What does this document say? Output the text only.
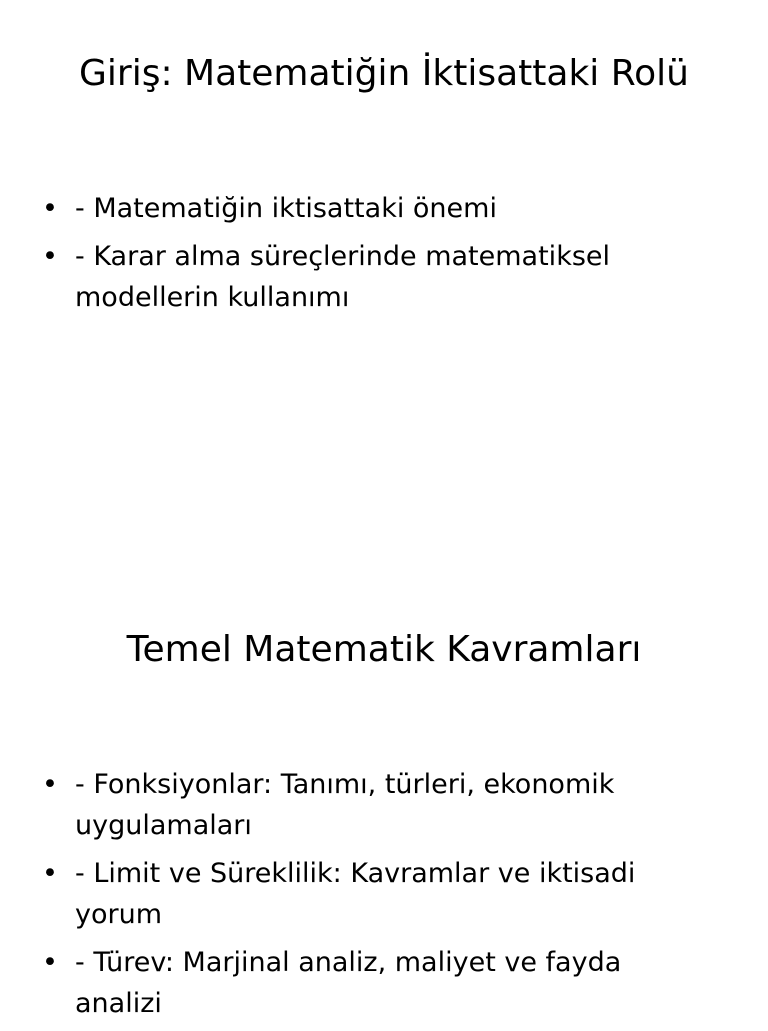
Giriş: Matematiğin İktisattaki Rolü
• - Matematiğin iktisattaki önemi
• - Karar alma süreçlerinde matematiksel modellerin kullanımı
Temel Matematik Kavramları
• - Fonksiyonlar: Tanımı, türleri, ekonomik uygulamaları
• - Limit ve Süreklilik: Kavramlar ve iktisadi yorum
• - Türev: Marjinal analiz, maliyet ve fayda analizi
